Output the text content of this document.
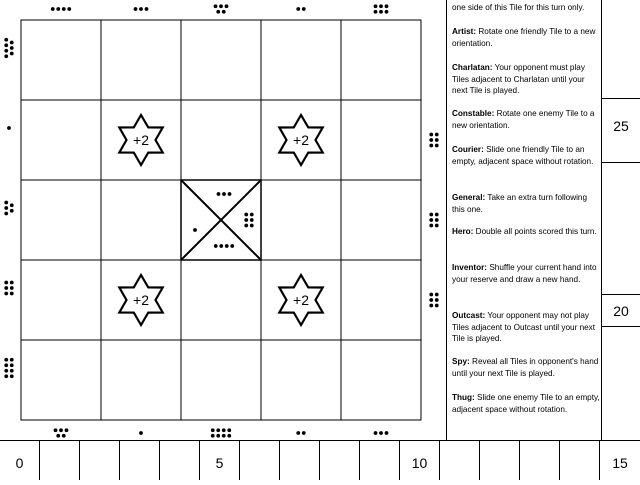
+2	+2
+2	+2
one side of this Tile for this turn only.
Artist: Rotate one friendly Tile to a new orientation.
Charlatan: Your opponent must play Tiles adjacent to Charlatan until your next Tile is played.
Constable: Rotate one enemy Tile to a new orientation.
Courier: Slide one friendly Tile to an empty, adjacent space without rotation.
General: Take an extra turn following this one.
Hero: Double all points scored this turn.
Inventor: Shuffle your current hand into your reserve and draw a new hand.
Outcast: Your opponent may not play Tiles adjacent to Outcast until your next Tile is played.
Spy: Reveal all Tiles in opponent's hand until your next Tile is played.
Thug: Slide one enemy Tile to an empty, adjacent space without rotation.
25
20
0	5	10	15
